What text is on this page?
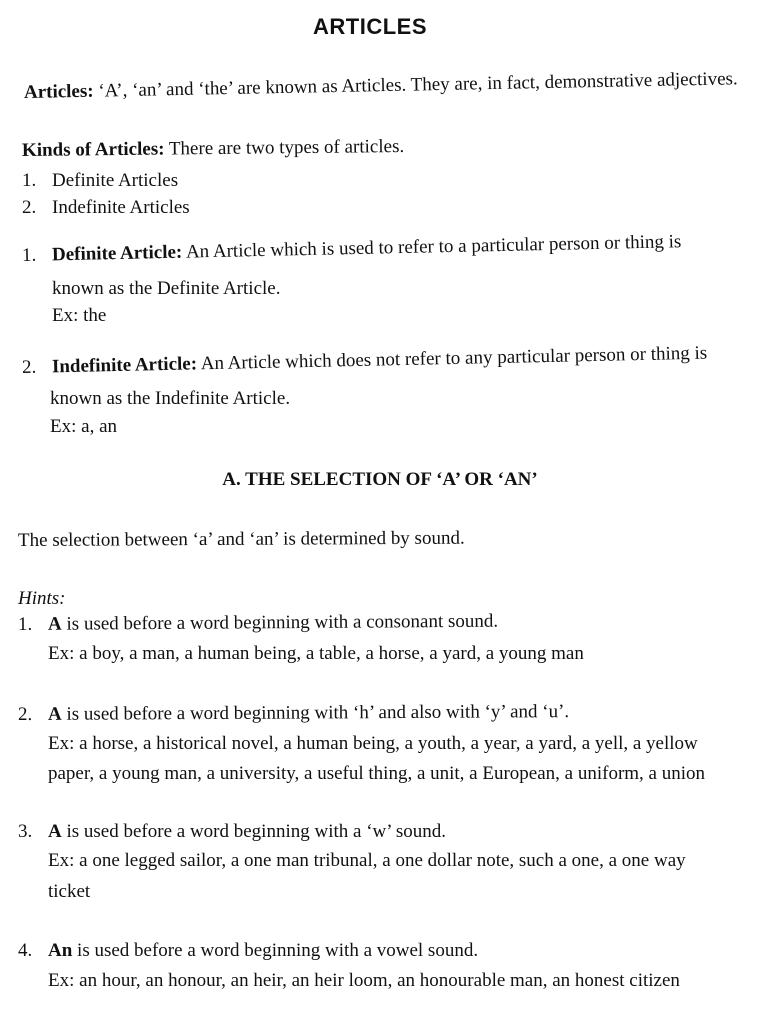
ARTICLES
Articles: ‘A’, ‘an’ and ‘the’ are known as Articles. They are, in fact, demonstrative adjectives.
Kinds of Articles: There are two types of articles.
1. Definite Articles
2. Indefinite Articles
1. Definite Article: An Article which is used to refer to a particular person or thing is
known as the Definite Article.
Ex: the
2. Indefinite Article: An Article which does not refer to any particular person or thing is
known as the Indefinite Article.
Ex: a, an
A. THE SELECTION OF ‘A’ OR ‘AN’
The selection between ‘a’ and ‘an’ is determined by sound.
Hints:
1. A is used before a word beginning with a consonant sound.
Ex: a boy, a man, a human being, a table, a horse, a yard, a young man
2. A is used before a word beginning with ‘h’ and also with ‘y’ and ‘u’.
Ex: a horse, a historical novel, a human being, a youth, a year, a yard, a yell, a yellow
paper, a young man, a university, a useful thing, a unit, a European, a uniform, a union
3. A is used before a word beginning with a ‘w’ sound.
Ex: a one legged sailor, a one man tribunal, a one dollar note, such a one, a one way
ticket
4. An is used before a word beginning with a vowel sound.
Ex: an hour, an honour, an heir, an heir loom, an honourable man, an honest citizen
